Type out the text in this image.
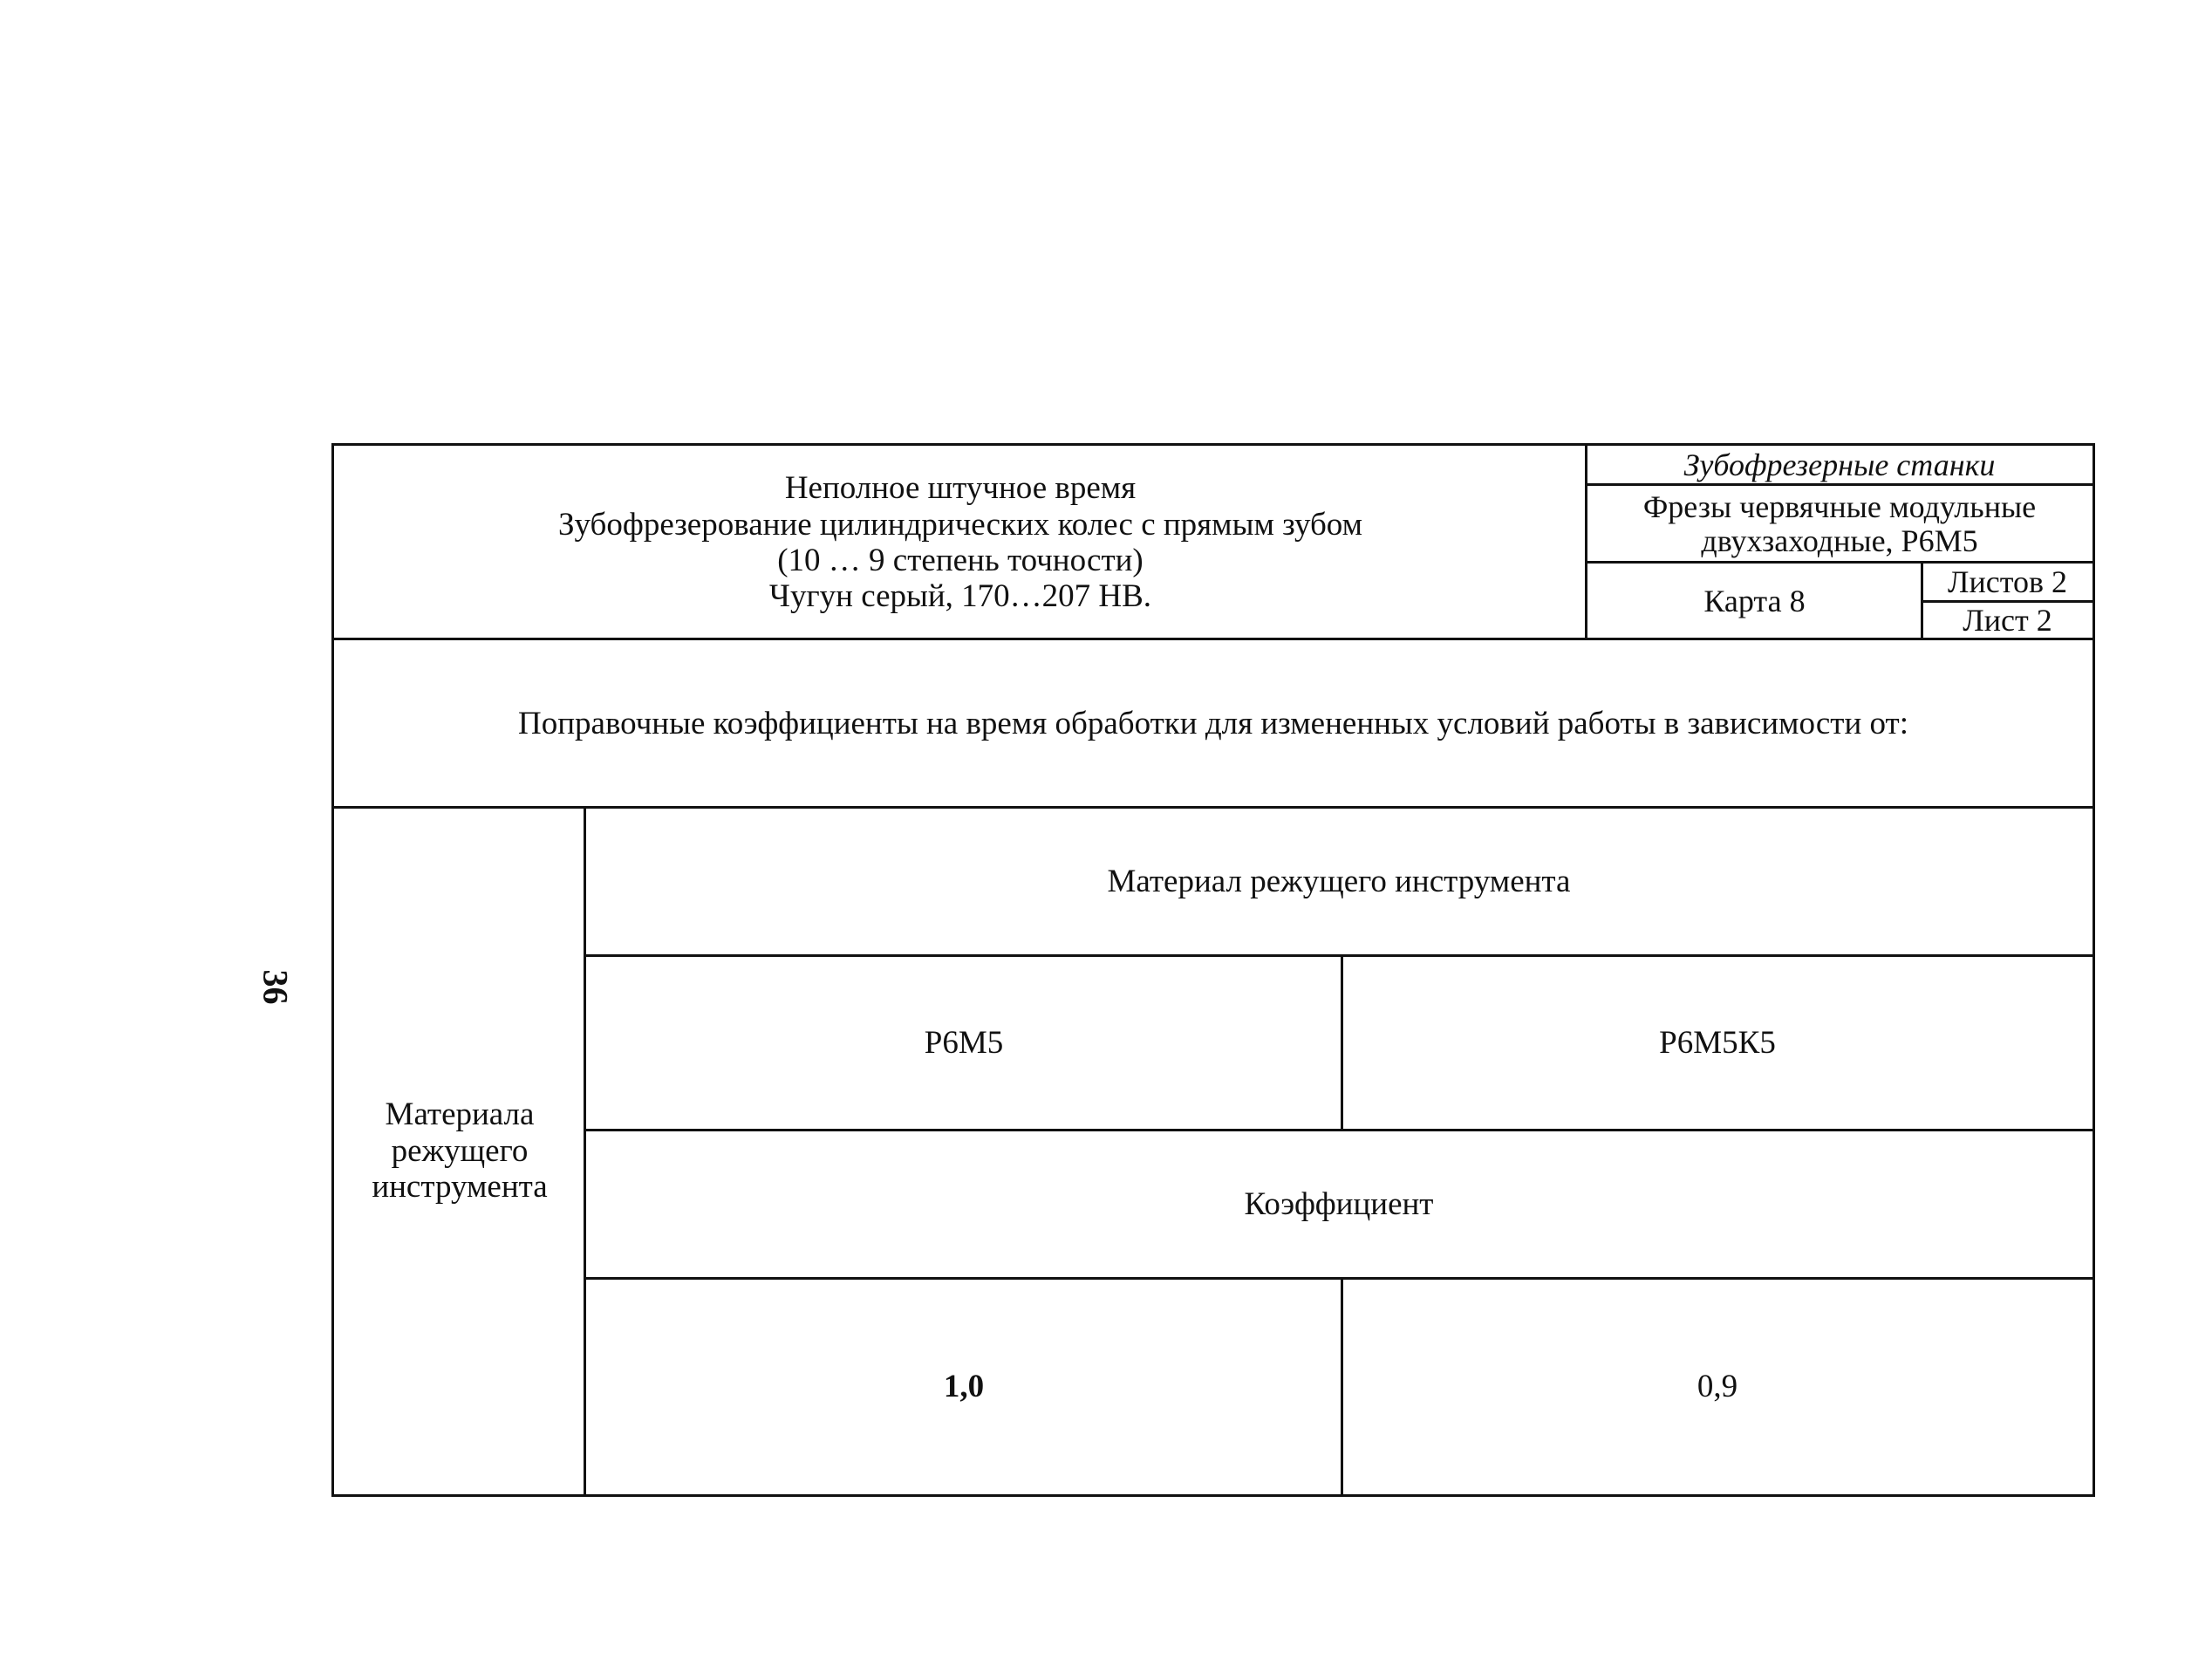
36
Неполное штучное время
Зубофрезерование цилиндрических колес с прямым зубом
(10 … 9 степень точности)
Чугун серый, 170…207 НВ.
Зубофрезерные станки
Фрезы червячные модульные двухзаходные, Р6М5
Карта 8
Листов 2
Лист 2
Поправочные коэффициенты на время обработки для измененных условий работы в зависимости от:
Материала режущего инструмента
Материал режущего инструмента
Р6М5	Р6М5К5
Коэффициент
1,0	0,9
